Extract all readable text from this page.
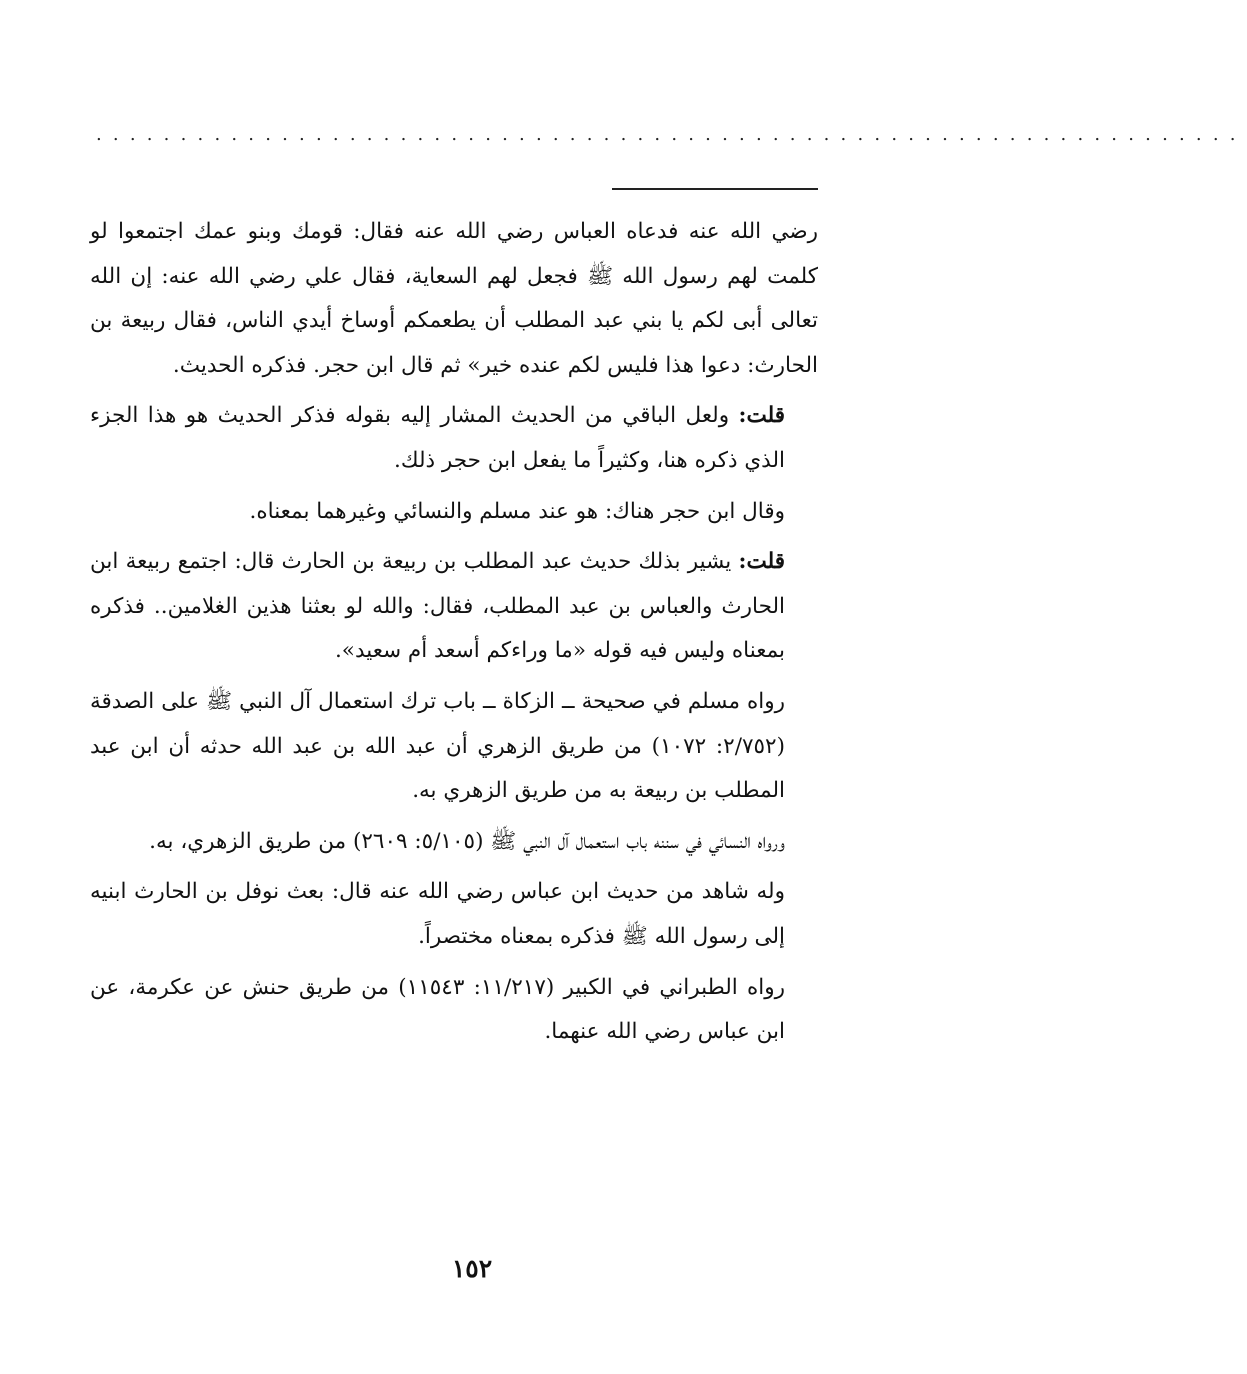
....................................................................

رضي الله عنه فدعاه العباس رضي الله عنه فقال: قومك وبنو عمك اجتمعوا لو كلمت لهم رسول الله ﷺ فجعل لهم السعاية، فقال علي رضي الله عنه: إن الله تعالى أبى لكم يا بني عبد المطلب أن يطعمكم أوساخ أيدي الناس، فقال ربيعة بن الحارث: دعوا هذا فليس لكم عنده خير» ثم قال ابن حجر. فذكره الحديث.

قلت: ولعل الباقي من الحديث المشار إليه بقوله فذكر الحديث هو هذا الجزء الذي ذكره هنا، وكثيراً ما يفعل ابن حجر ذلك.

وقال ابن حجر هناك: هو عند مسلم والنسائي وغيرهما بمعناه.

قلت: يشير بذلك حديث عبد المطلب بن ربيعة بن الحارث قال: اجتمع ربيعة ابن الحارث والعباس بن عبد المطلب، فقال: والله لو بعثنا هذين الغلامين.. فذكره بمعناه وليس فيه قوله «ما وراءكم أسعد أم سعيد».

رواه مسلم في صحيحة ــ الزكاة ــ باب ترك استعمال آل النبي ﷺ على الصدقة (٢/٧٥٢: ١٠٧٢) من طريق الزهري أن عبد الله بن عبد الله حدثه أن ابن عبد المطلب بن ربيعة به من طريق الزهري به.

ورواه النسائي في سننه باب استعمال آل النبي ﷺ (٥/١٠٥: ٢٦٠٩) من طريق الزهري، به.

وله شاهد من حديث ابن عباس رضي الله عنه قال: بعث نوفل بن الحارث ابنيه إلى رسول الله ﷺ فذكره بمعناه مختصراً.

رواه الطبراني في الكبير (١١/٢١٧: ١١٥٤٣) من طريق حنش عن عكرمة، عن ابن عباس رضي الله عنهما.

١٥٢
